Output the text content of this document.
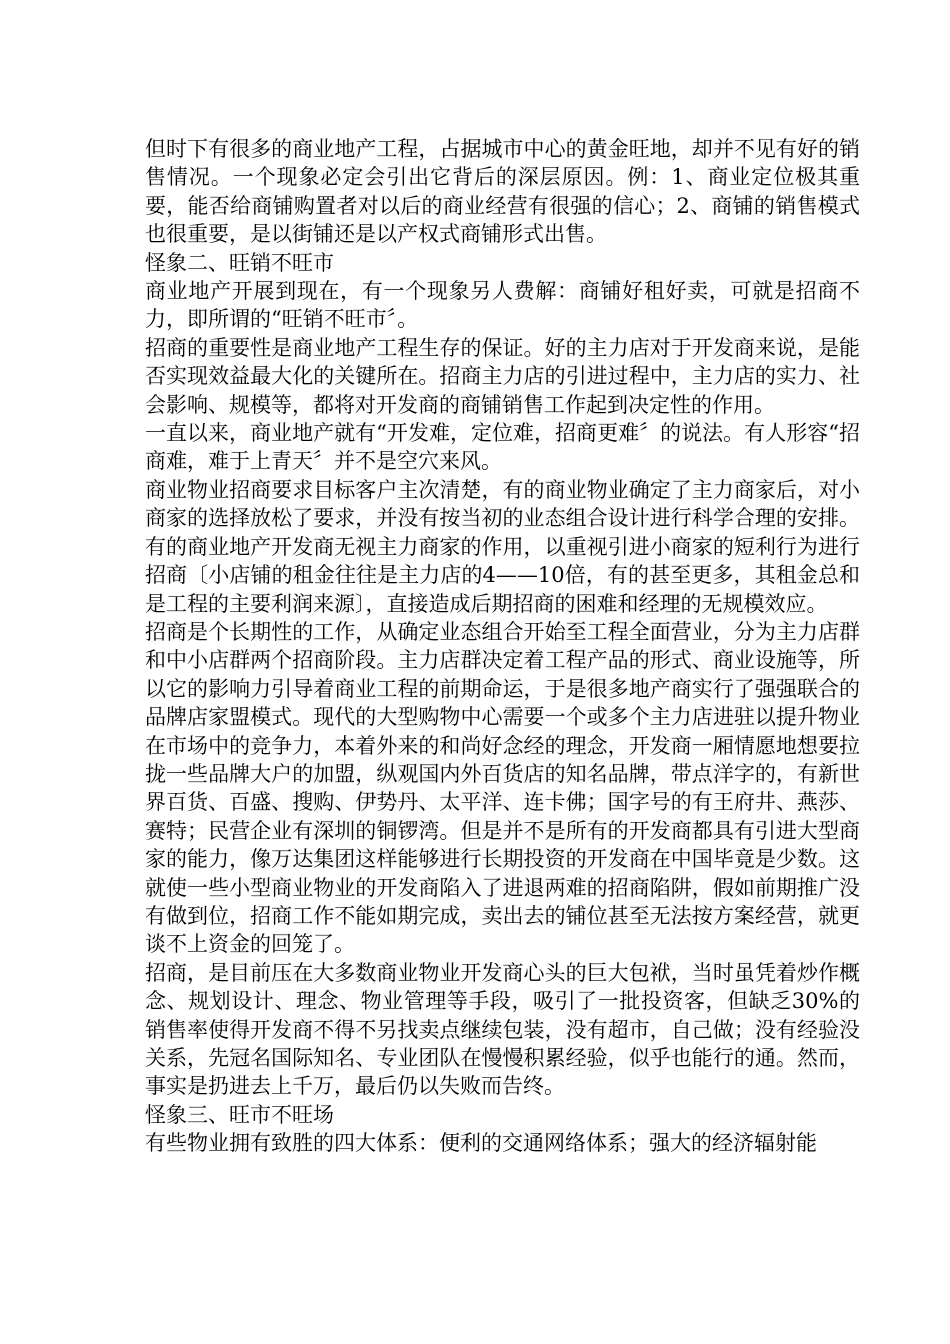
但时下有很多的商业地产工程，占据城市中心的黄金旺地，却并不见有好的销售情况。一个现象必定会引出它背后的深层原因。例：1、商业定位极其重要，能否给商铺购置者对以后的商业经营有很强的信心；2、商铺的销售模式也很重要，是以街铺还是以产权式商铺形式出售。

怪象二、旺销不旺市

商业地产开展到现在，有一个现象另人费解：商铺好租好卖，可就是招商不力，即所谓的“旺销不旺市〞。

招商的重要性是商业地产工程生存的保证。好的主力店对于开发商来说，是能否实现效益最大化的关键所在。招商主力店的引进过程中，主力店的实力、社会影响、规模等，都将对开发商的商铺销售工作起到决定性的作用。

一直以来，商业地产就有“开发难，定位难，招商更难〞的说法。有人形容“招商难，难于上青天〞并不是空穴来风。

商业物业招商要求目标客户主次清楚，有的商业物业确定了主力商家后，对小商家的选择放松了要求，并没有按当初的业态组合设计进行科学合理的安排。有的商业地产开发商无视主力商家的作用，以重视引进小商家的短利行为进行招商〔小店铺的租金往往是主力店的4——10倍，有的甚至更多，其租金总和是工程的主要利润来源〕，直接造成后期招商的困难和经理的无规模效应。

招商是个长期性的工作，从确定业态组合开始至工程全面营业，分为主力店群和中小店群两个招商阶段。主力店群决定着工程产品的形式、商业设施等，所以它的影响力引导着商业工程的前期命运，于是很多地产商实行了强强联合的品牌店家盟模式。现代的大型购物中心需要一个或多个主力店进驻以提升物业在市场中的竞争力，本着外来的和尚好念经的理念，开发商一厢情愿地想要拉拢一些品牌大户的加盟，纵观国内外百货店的知名品牌，带点洋字的，有新世界百货、百盛、搜购、伊势丹、太平洋、连卡佛；国字号的有王府井、燕莎、赛特；民营企业有深圳的铜锣湾。但是并不是所有的开发商都具有引进大型商家的能力，像万达集团这样能够进行长期投资的开发商在中国毕竟是少数。这就使一些小型商业物业的开发商陷入了进退两难的招商陷阱，假如前期推广没有做到位，招商工作不能如期完成，卖出去的铺位甚至无法按方案经营，就更谈不上资金的回笼了。

招商，是目前压在大多数商业物业开发商心头的巨大包袱，当时虽凭着炒作概念、规划设计、理念、物业管理等手段，吸引了一批投资客，但缺乏30%的销售率使得开发商不得不另找卖点继续包装，没有超市，自己做；没有经验没关系，先冠名国际知名、专业团队在慢慢积累经验，似乎也能行的通。然而，事实是扔进去上千万，最后仍以失败而告终。

怪象三、旺市不旺场

有些物业拥有致胜的四大体系：便利的交通网络体系；强大的经济辐射能
